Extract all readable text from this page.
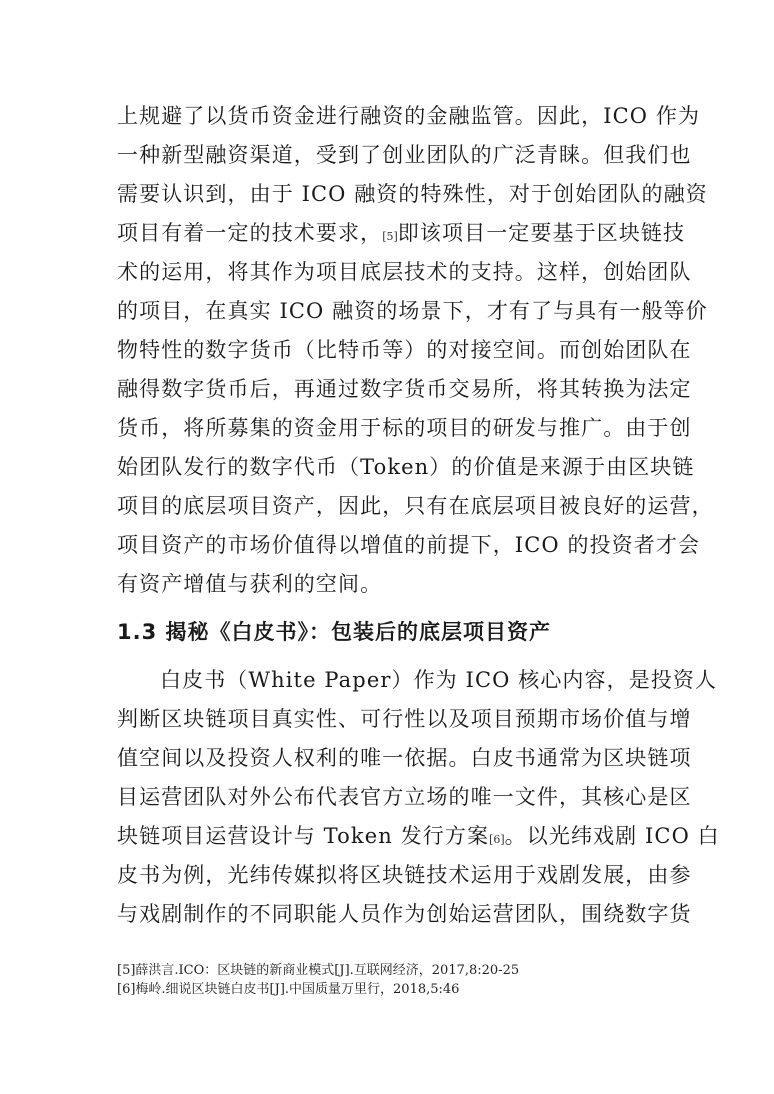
上规避了以货币资金进行融资的金融监管。因此，ICO 作为
一种新型融资渠道，受到了创业团队的广泛青睐。但我们也
需要认识到，由于 ICO 融资的特殊性，对于创始团队的融资
项目有着一定的技术要求， [5] 即该项目一定要基于区块链技
术的运用，将其作为项目底层技术的支持。这样，创始团队
的项目，在真实 ICO 融资的场景下，才有了与具有一般等价
物特性的数字货币（比特币等）的对接空间。而创始团队在
融得数字货币后，再通过数字货币交易所，将其转换为法定
货币，将所募集的资金用于标的项目的研发与推广。由于创
始团队发行的数字代币（Token）的价值是来源于由区块链
项目的底层项目资产，因此，只有在底层项目被良好的运营，
项目资产的市场价值得以增值的前提下，ICO 的投资者才会
有资产增值与获利的空间。
1.3 揭秘《白皮书》：包装后的底层项目资产
白皮书（White Paper）作为 ICO 核心内容，是投资人
判断区块链项目真实性、可行性以及项目预期市场价值与增
值空间以及投资人权利的唯一依据。白皮书通常为区块链项
目运营团队对外公布代表官方立场的唯一文件，其核心是区
块链项目运营设计与 Token 发行方案 [6] 。以光纬戏剧 ICO 白
皮书为例，光纬传媒拟将区块链技术运用于戏剧发展，由参
与戏剧制作的不同职能人员作为创始运营团队，围绕数字货
[5]薛洪言.ICO：区块链的新商业模式[J].互联网经济，2017,8:20-25
[6]梅岭.细说区块链白皮书[J].中国质量万里行，2018,5:46
